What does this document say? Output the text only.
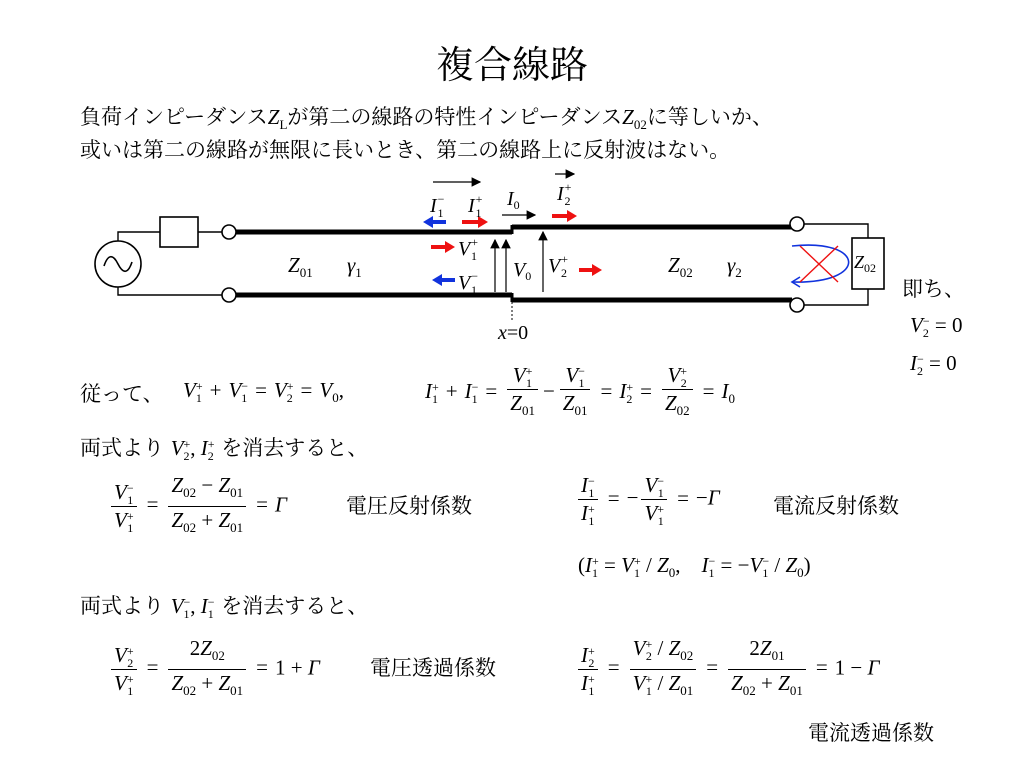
複合線路
負荷インピーダンス$Z_L$が第二の線路の特性インピーダンス$Z_{02}$に等しいか、
或いは第二の線路が無限に長いとき、第二の線路上に反射波はない。
$Z_{01}$ $\gamma_1$	$Z_{02}$ $\gamma_2$
$Z_{02}$
I− 1 I+ 1
$I_0$ I+ 2
V+ 1
V− 1
$V_0$ V+ 2
x=0
即ち、
V −
2 = 0
I −
2 = 0
従って、 V +
1 + V −
1 = V +
$2 = V_0$,	I +
1 + I −
1 = V +
1
$Z_{01} - V$ −
1
$Z_{01} = I$ +
2 = V +
2
$Z_{02} = I_0$
両式より V +
2 , I +
2 を消去すると、
V −
1
V +
$1 = \frac{Z_{02} - Z_{01}}{Z_{02} + Z_{01}} = \Gamma$	電圧反射係数	I −
1
I +
1 = − V −
1
V +
1 = −Γ	電流反射係数
(I +
1 = V +
$1 / Z_0$,    I −
1 = −V −
$1 / Z_0$)
両式より V −
1 , I −
1 を消去すると、
V +
2
V +
$1 = \frac{2Z_{02}}{Z_{02} + Z_{01}} = 1 + \Gamma$ 電圧透過係数	I +
2
I +
1 = V +
$2 / Z_{02}$
V +
$1 / Z_{01} = \frac{2Z_{01}}{Z_{02} + Z_{01}} = 1 - \Gamma$
電流透過係数
